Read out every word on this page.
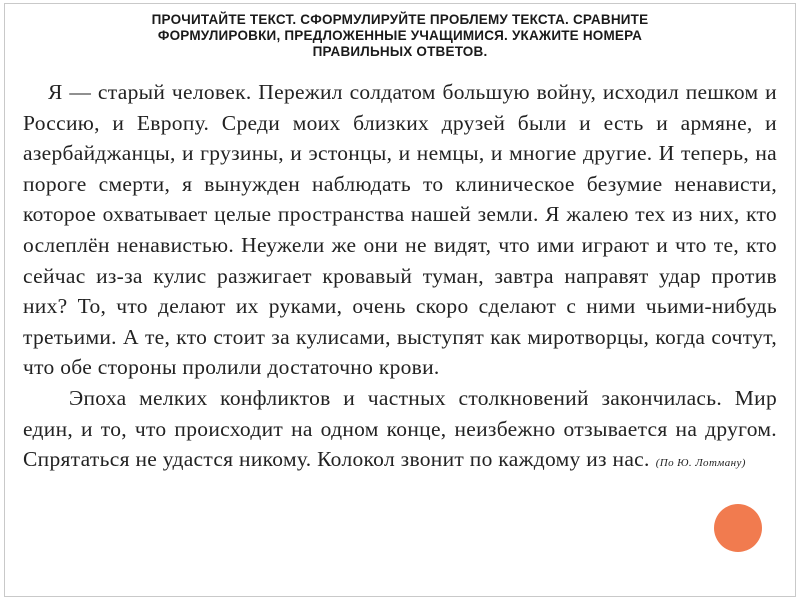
ПРОЧИТАЙТЕ ТЕКСТ. СФОРМУЛИРУЙТЕ ПРОБЛЕМУ ТЕКСТА. СРАВНИТЕ
ФОРМУЛИРОВКИ, ПРЕДЛОЖЕННЫЕ УЧАЩИМИСЯ. УКАЖИТЕ НОМЕРА
ПРАВИЛЬНЫХ ОТВЕТОВ.

Я — старый человек. Пережил солдатом большую войну, исходил пешком и Россию, и Европу. Среди моих близких друзей были и есть и армяне, и азербайджанцы, и грузины, и эстонцы, и немцы, и многие другие. И теперь, на пороге смерти, я вынужден наблюдать то клиническое безумие ненависти, которое охватывает целые пространства нашей земли. Я жалею тех из них, кто ослеплён ненавистью. Неужели же они не видят, что ими играют и что те, кто сейчас из-за кулис разжигает кровавый туман, завтра направят удар против них? То, что делают их руками, очень скоро сделают с ними чьими-нибудь третьими. А те, кто стоит за кулисами, выступят как миротворцы, когда сочтут, что обе стороны пролили достаточно крови.

Эпоха мелких конфликтов и частных столкновений закончилась. Мир един, и то, что происходит на одном конце, неизбежно отзывается на другом. Спрятаться не удастся никому. Колокол звонит по каждому из нас. (По Ю. Лотману)
